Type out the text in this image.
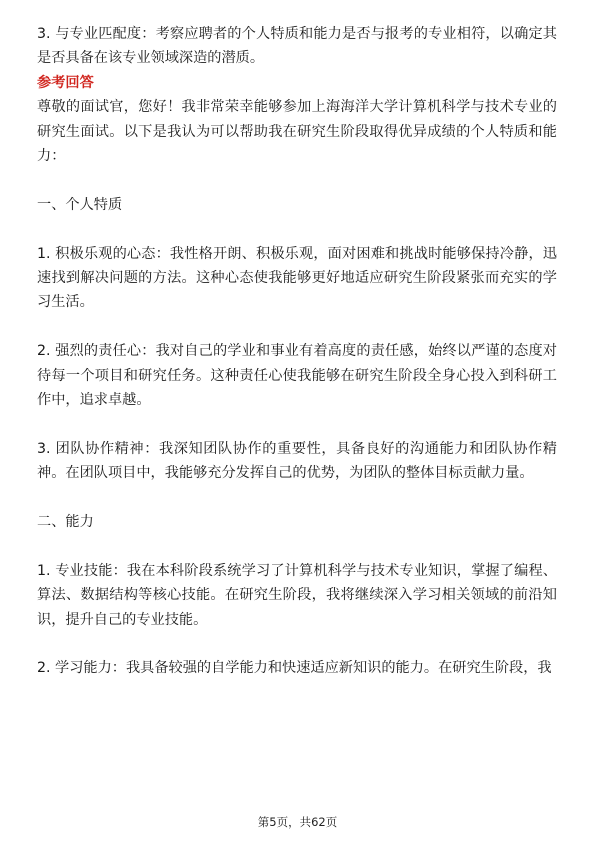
3. 与专业匹配度：考察应聘者的个人特质和能力是否与报考的专业相符，以确定其是否具备在该专业领域深造的潜质。

参考回答

尊敬的面试官，您好！我非常荣幸能够参加上海海洋大学计算机科学与技术专业的研究生面试。以下是我认为可以帮助我在研究生阶段取得优异成绩的个人特质和能力：

一、个人特质

1. 积极乐观的心态：我性格开朗、积极乐观，面对困难和挑战时能够保持冷静，迅速找到解决问题的方法。这种心态使我能够更好地适应研究生阶段紧张而充实的学习生活。

2. 强烈的责任心：我对自己的学业和事业有着高度的责任感，始终以严谨的态度对待每一个项目和研究任务。这种责任心使我能够在研究生阶段全身心投入到科研工作中，追求卓越。

3. 团队协作精神：我深知团队协作的重要性，具备良好的沟通能力和团队协作精神。在团队项目中，我能够充分发挥自己的优势，为团队的整体目标贡献力量。

二、能力

1. 专业技能：我在本科阶段系统学习了计算机科学与技术专业知识，掌握了编程、算法、数据结构等核心技能。在研究生阶段，我将继续深入学习相关领域的前沿知识，提升自己的专业技能。

2. 学习能力：我具备较强的自学能力和快速适应新知识的能力。在研究生阶段，我

第5页，共62页
